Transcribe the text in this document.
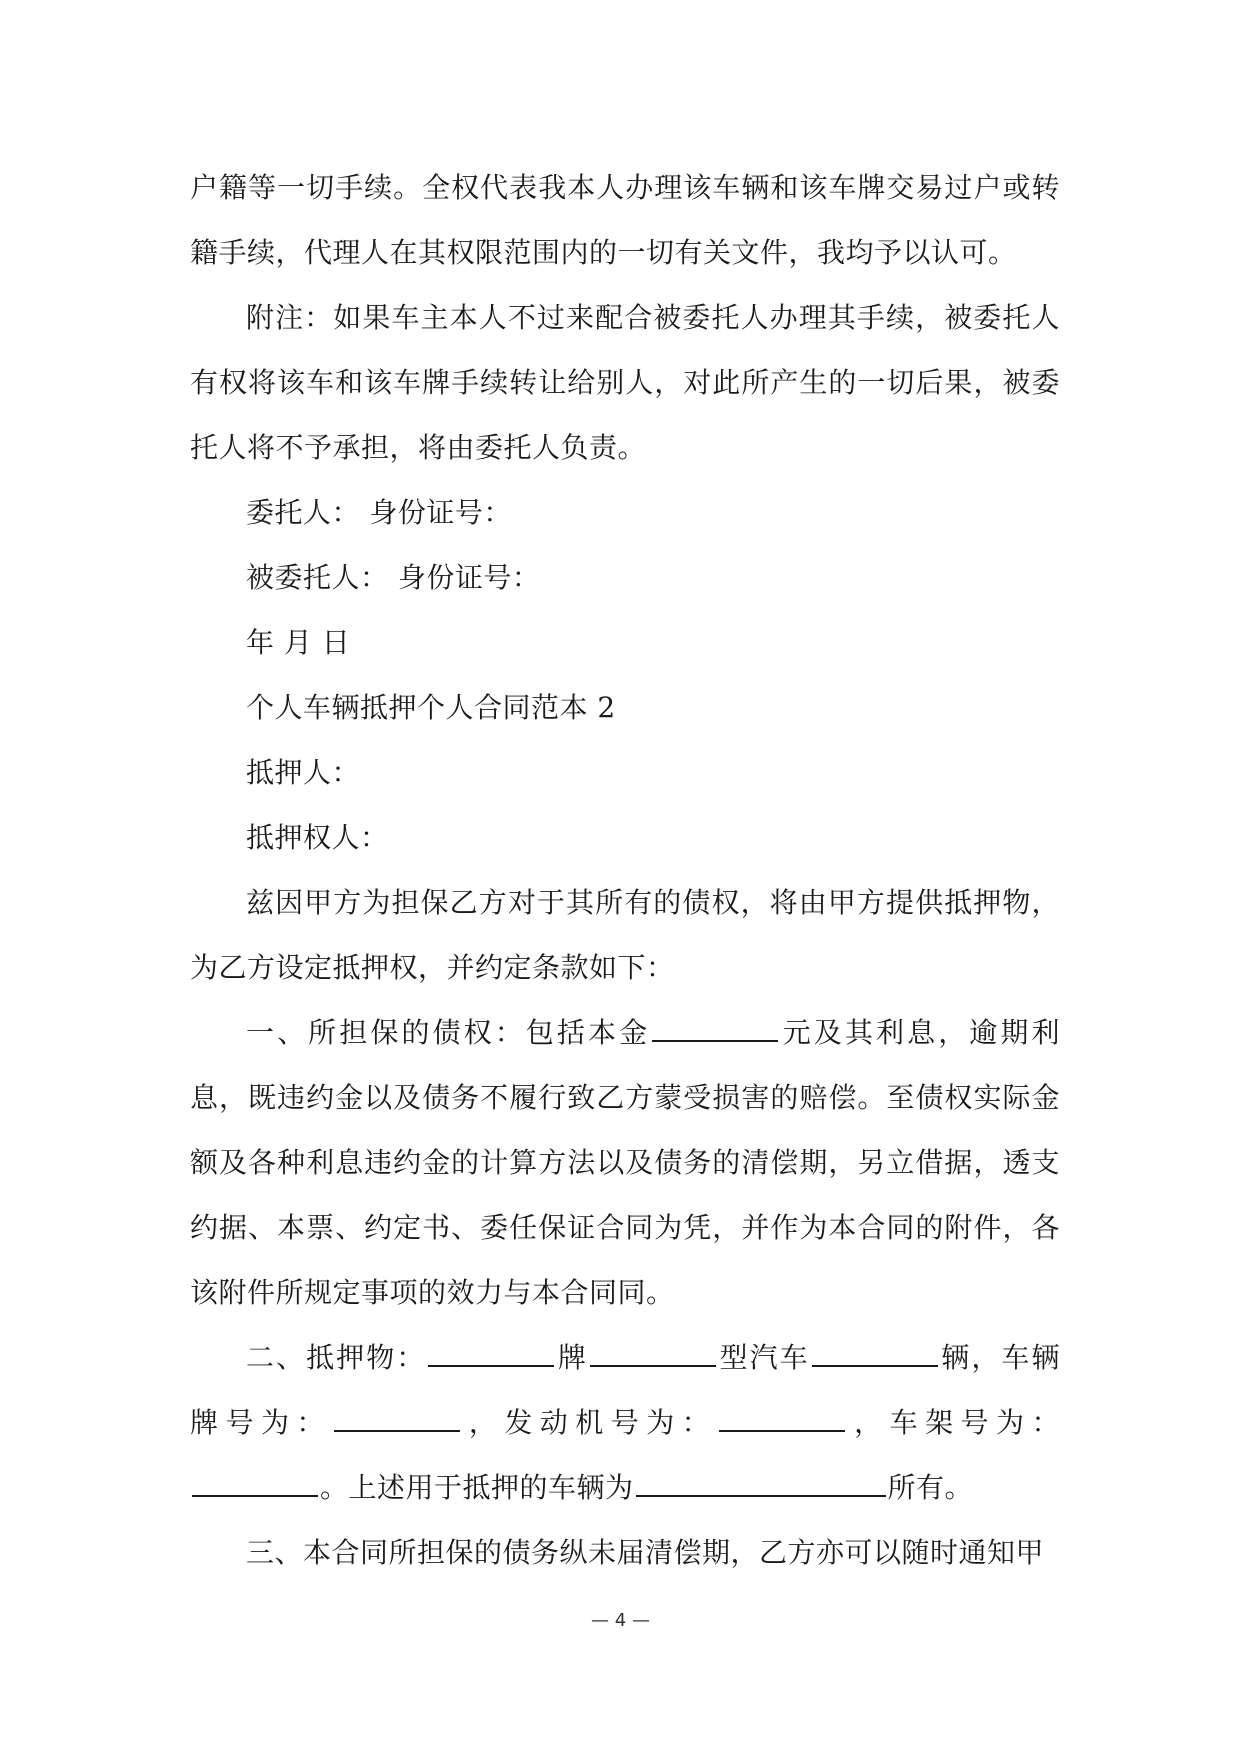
户籍等一切手续。全权代表我本人办理该车辆和该车牌交易过户或转籍手续，代理人在其权限范围内的一切有关文件，我均予以认可。

附注：如果车主本人不过来配合被委托人办理其手续，被委托人有权将该车和该车牌手续转让给别人，对此所产生的一切后果，被委托人将不予承担，将由委托人负责。

委托人： 身份证号：

被委托人： 身份证号：

年 月 日

个人车辆抵押个人合同范本 2

抵押人：

抵押权人：

兹因甲方为担保乙方对于其所有的债权，将由甲方提供抵押物，为乙方设定抵押权，并约定条款如下：

一、所担保的债权：包括本金	元及其利息，逾期利息，既违约金以及债务不履行致乙方蒙受损害的赔偿。至债权实际金额及各种利息违约金的计算方法以及债务的清偿期，另立借据，透支约据、本票、约定书、委任保证合同为凭，并作为本合同的附件，各该附件所规定事项的效力与本合同同。

二、抵押物：	牌	型汽车	辆，车辆牌号为：	，发动机号为：	，车架号为：。上述用于抵押的车辆为	所有。

三、本合同所担保的债务纵未届清偿期，乙方亦可以随时通知甲

— 4 —
